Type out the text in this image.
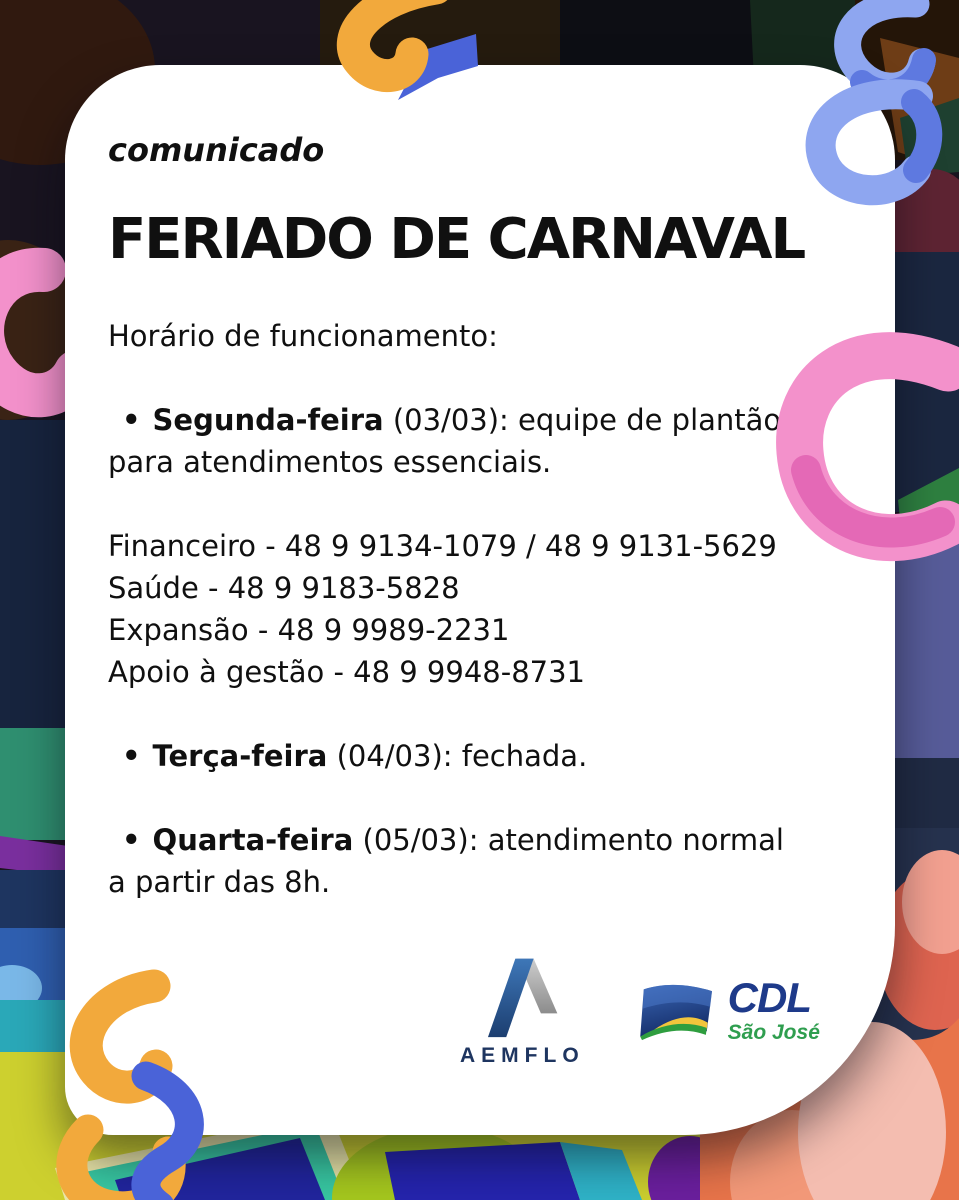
comunicado
FERIADO DE CARNAVAL
Horário de funcionamento:

• Segunda-feira (03/03): equipe de plantão
para atendimentos essenciais.

Financeiro - 48 9 9134-1079 / 48 9 9131-5629
Saúde - 48 9 9183-5828
Expansão - 48 9 9989-2231
Apoio à gestão - 48 9 9948-8731

• Terça-feira (04/03): fechada.

• Quarta-feira (05/03): atendimento normal
a partir das 8h.

AEMFLO
CDL
São José
